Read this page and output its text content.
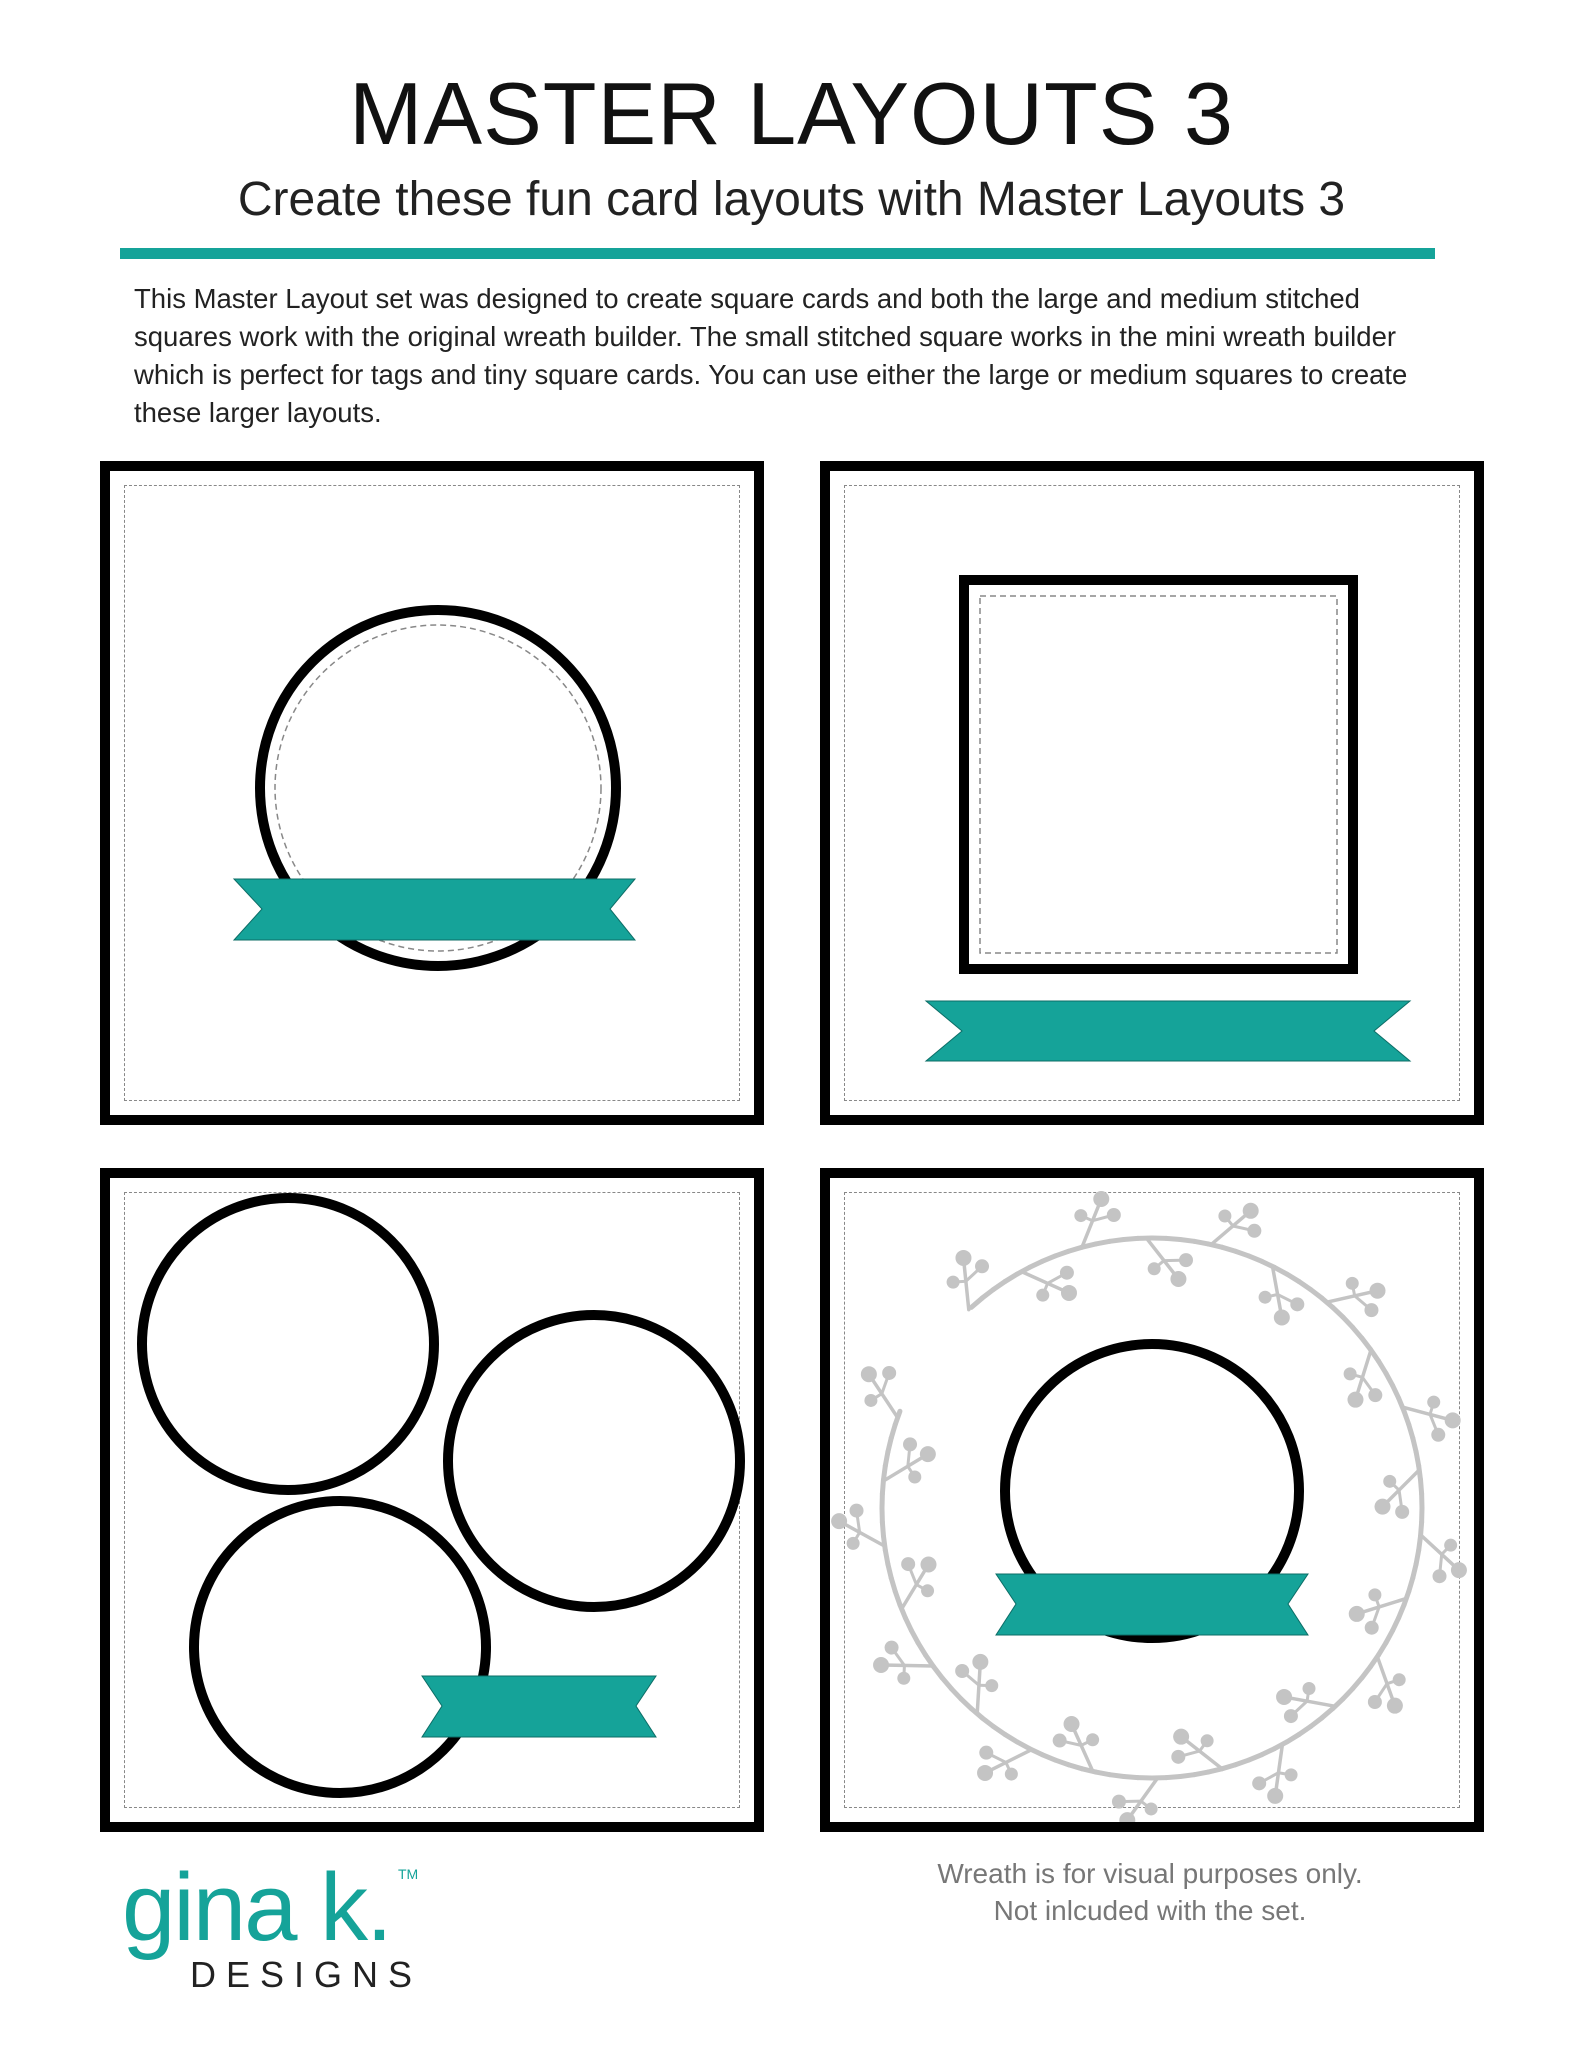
MASTER LAYOUTS 3
Create these fun card layouts with Master Layouts 3
This Master Layout set was designed to create square cards and both the large and medium stitched squares work with the original wreath builder. The small stitched square works in the mini wreath builder which is perfect for tags and tiny square cards. You can use either the large or medium squares to create these larger layouts.
Wreath is for visual purposes only.
Not inlcuded with the set.
gina k. TM
DESIGNS
